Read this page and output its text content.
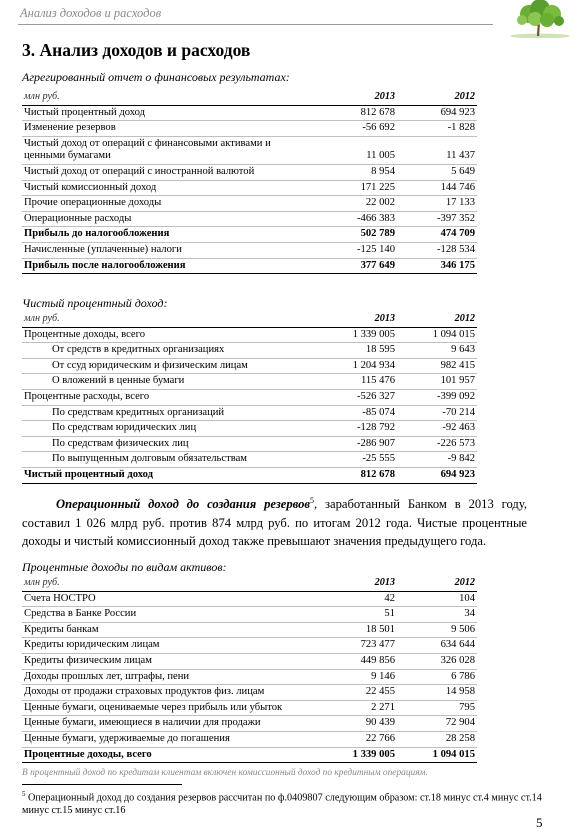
Анализ доходов и расходов
3. Анализ доходов и расходов
Агрегированный отчет о финансовых результатах:
млн руб.	2013	2012
Чистый процентный доход	812 678	694 923
Изменение резервов	-56 692	-1 828
Чистый доход от операций с финансовыми активами и ценными бумагами	11 005	11 437
Чистый доход от операций с иностранной валютой	8 954	5 649
Чистый комиссионный доход	171 225	144 746
Прочие операционные доходы	22 002	17 133
Операционные расходы	-466 383	-397 352
Прибыль до налогообложения	502 789	474 709
Начисленные (уплаченные) налоги	-125 140	-128 534
Прибыль после налогообложения	377 649	346 175
Чистый процентный доход:
млн руб.	2013	2012
Процентные доходы, всего	1 339 005	1 094 015
От средств в кредитных организациях	18 595	9 643
От ссуд юридическим и физическим лицам	1 204 934	982 415
О вложений в ценные бумаги	115 476	101 957
Процентные расходы, всего	-526 327	-399 092
По средствам кредитных организаций	-85 074	-70 214
По средствам юридических лиц	-128 792	-92 463
По средствам физических лиц	-286 907	-226 573
По выпущенным долговым обязательствам	-25 555	-9 842
Чистый процентный доход	812 678	694 923
Операционный доход до создания резервов$^5$, заработанный Банком в 2013 году, составил 1 026 млрд руб. против 874 млрд руб. по итогам 2012 года. Чистые процентные доходы и чистый комиссионный доход также превышают значения предыдущего года.
Процентные доходы по видам активов:
млн руб.	2013	2012
Счета НОСТРО	42	104
Средства в Банке России	51	34
Кредиты банкам	18 501	9 506
Кредиты юридическим лицам	723 477	634 644
Кредиты физическим лицам	449 856	326 028
Доходы прошлых лет, штрафы, пени	9 146	6 786
Доходы от продажи страховых продуктов физ. лицам	22 455	14 958
Ценные бумаги, оцениваемые через прибыль или убыток	2 271	795
Ценные бумаги, имеющиеся в наличии для продажи	90 439	72 904
Ценные бумаги, удерживаемые до погашения	22 766	28 258
Процентные доходы, всего	1 339 005	1 094 015
В процентный доход по кредитам клиентам включен комиссионный доход по кредитным операциям.
$^5$ Операционный доход до создания резервов рассчитан по ф.0409807 следующим образом: ст.18 минус ст.4 минус ст.14 минус ст.15 минус ст.16
5
